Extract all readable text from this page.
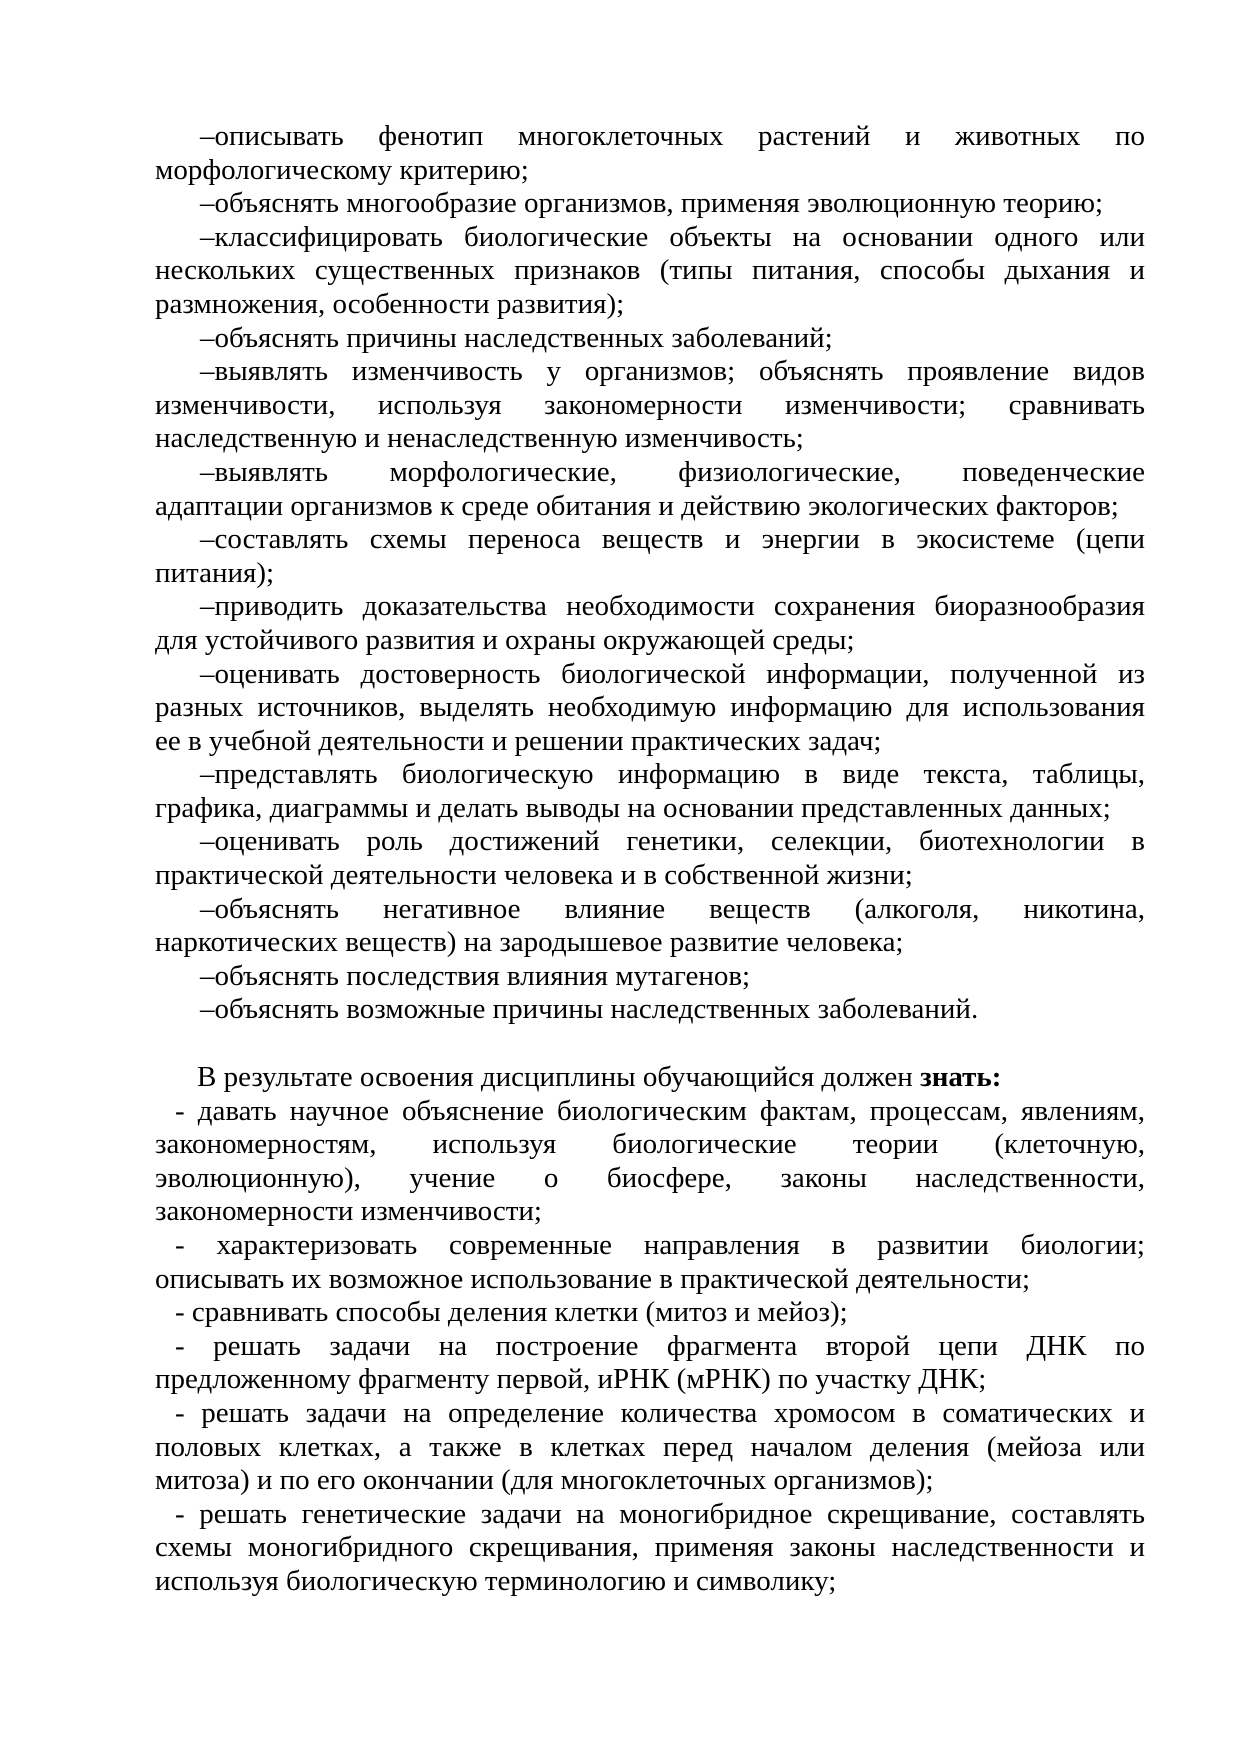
–описывать фенотип многоклеточных растений и животных по
морфологическому критерию;
–объяснять многообразие организмов, применяя эволюционную теорию;
–классифицировать биологические объекты на основании одного или
нескольких существенных признаков (типы питания, способы дыхания и
размножения, особенности развития);
–объяснять причины наследственных заболеваний;
–выявлять изменчивость у организмов; объяснять проявление видов
изменчивости, используя закономерности изменчивости; сравнивать
наследственную и ненаследственную изменчивость;
–выявлять морфологические, физиологические, поведенческие
адаптации организмов к среде обитания и действию экологических факторов;
–составлять схемы переноса веществ и энергии в экосистеме (цепи
питания);
–приводить доказательства необходимости сохранения биоразнообразия
для устойчивого развития и охраны окружающей среды;
–оценивать достоверность биологической информации, полученной из
разных источников, выделять необходимую информацию для использования
ее в учебной деятельности и решении практических задач;
–представлять биологическую информацию в виде текста, таблицы,
графика, диаграммы и делать выводы на основании представленных данных;
–оценивать роль достижений генетики, селекции, биотехнологии в
практической деятельности человека и в собственной жизни;
–объяснять негативное влияние веществ (алкоголя, никотина,
наркотических веществ) на зародышевое развитие человека;
–объяснять последствия влияния мутагенов;
–объяснять возможные причины наследственных заболеваний.
В результате освоения дисциплины обучающийся должен знать:
- давать научное объяснение биологическим фактам, процессам, явлениям,
закономерностям, используя биологические теории (клеточную,
эволюционную), учение о биосфере, законы наследственности,
закономерности изменчивости;
- характеризовать современные направления в развитии биологии;
описывать их возможное использование в практической деятельности;
- сравнивать способы деления клетки (митоз и мейоз);
- решать задачи на построение фрагмента второй цепи ДНК по
предложенному фрагменту первой, иРНК (мРНК) по участку ДНК;
- решать задачи на определение количества хромосом в соматических и
половых клетках, а также в клетках перед началом деления (мейоза или
митоза) и по его окончании (для многоклеточных организмов);
- решать генетические задачи на моногибридное скрещивание, составлять
схемы моногибридного скрещивания, применяя законы наследственности и
используя биологическую терминологию и символику;
